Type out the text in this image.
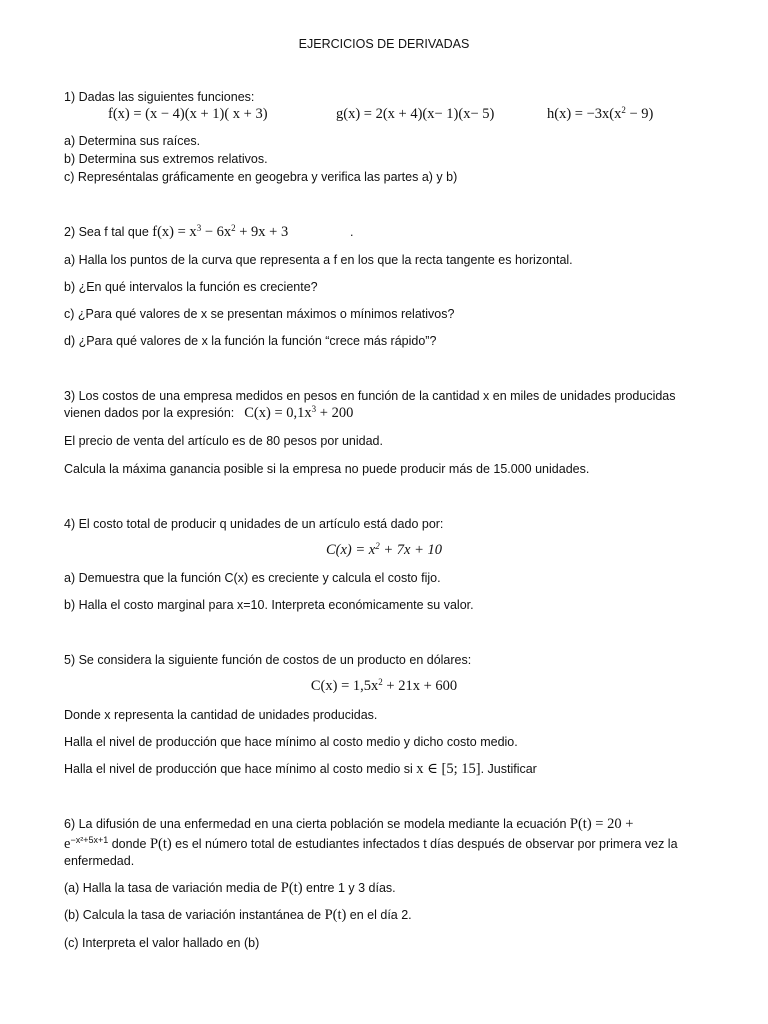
EJERCICIOS DE DERIVADAS
1) Dadas las siguientes funciones:
f(x) = (x − 4)(x + 1)( x + 3)	g(x) = 2(x + 4)(x− 1)(x− 5)	$h(x) = -3x(x^2 - 9)$
a) Determina sus raíces.
b) Determina sus extremos relativos.
c) Represéntalas gráficamente en geogebra y verifica las partes a) y b)
2) Sea f tal que $f(x) = x^3 - 6x^2 + 9x + 3$	.
a) Halla los puntos de la curva que representa a f en los que la recta tangente es horizontal.
b) ¿En qué intervalos la función es creciente?
c) ¿Para qué valores de x se presentan máximos o mínimos relativos?
d) ¿Para qué valores de x la función la función “crece más rápido”?
3) Los costos de una empresa medidos en pesos en función de la cantidad x en miles de unidades producidas
vienen dados por la expresión: $C(x) = 0,1x^3 + 200$
El precio de venta del artículo es de 80 pesos por unidad.
Calcula la máxima ganancia posible si la empresa no puede producir más de 15.000 unidades.
4) El costo total de producir q unidades de un artículo está dado por:
$C(x) = x^2 + 7x + 10$
a) Demuestra que la función C(x) es creciente y calcula el costo fijo.
b) Halla el costo marginal para x=10. Interpreta económicamente su valor.
5) Se considera la siguiente función de costos de un producto en dólares:
$C(x) = 1,5x^2 + 21x + 600$
Donde x representa la cantidad de unidades producidas.
Halla el nivel de producción que hace mínimo al costo medio y dicho costo medio.
Halla el nivel de producción que hace mínimo al costo medio si x ∈ [5; 15]. Justificar
6) La difusión de una enfermedad en una cierta población se modela mediante la ecuación P(t) = 20 +
e$^{-x^2+5x+1}$ donde P(t) es el número total de estudiantes infectados t días después de observar por primera vez la
enfermedad.
(a) Halla la tasa de variación media de P(t) entre 1 y 3 días.
(b) Calcula la tasa de variación instantánea de P(t) en el día 2.
(c) Interpreta el valor hallado en (b)
